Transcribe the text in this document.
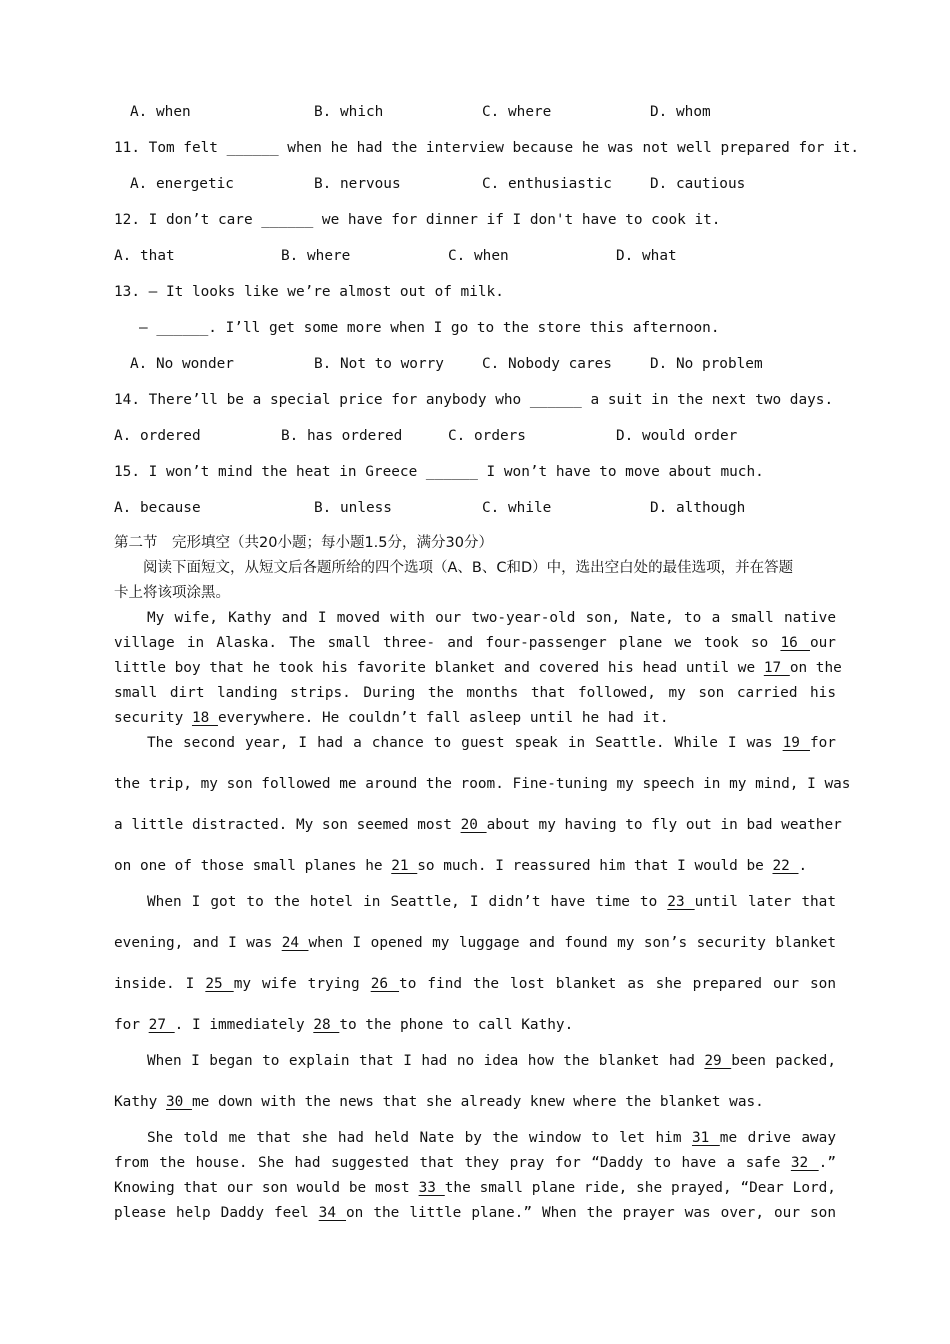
A. when	B. which	C. where	D. whom
11. Tom felt ______ when he had the interview because he was not well prepared for it.
A. energetic	B. nervous	C. enthusiastic	D. cautious
12. I don’t care ______ we have for dinner if I don't have to cook it.
A. that	B. where	C. when	D. what
13. — It looks like we’re almost out of milk.
— ______. I’ll get some more when I go to the store this afternoon.
A. No wonder	B. Not to worry	C. Nobody cares	D. No problem
14. There’ll be a special price for anybody who ______ a suit in the next two days.
A. ordered	B. has ordered	C. orders	D. would order
15. I won’t mind the heat in Greece ______ I won’t have to move about much.
A. because	B. unless	C. while	D. although
第二节　完形填空（共20小题；每小题1.5分，满分30分）
　　阅读下面短文，从短文后各题所给的四个选项（A、B、C和D）中，选出空白处的最佳选项，并在答题
卡上将该项涂黑。
My wife, Kathy and I moved with our two-year-old son, Nate, to a small native
village in Alaska. The small three- and four-passenger plane we took so 16 our
little boy that he took his favorite blanket and covered his head until we 17 on the
small dirt landing strips. During the months that followed, my son carried his
security 18 everywhere. He couldn’t fall asleep until he had it.
The second year, I had a chance to guest speak in Seattle. While I was 19 for
the trip, my son followed me around the room. Fine-tuning my speech in my mind, I was
a little distracted. My son seemed most 20 about my having to fly out in bad weather
on one of those small planes he 21 so much. I reassured him that I would be 22 .
When I got to the hotel in Seattle, I didn’t have time to 23 until later that
evening, and I was 24 when I opened my luggage and found my son’s security blanket
inside. I 25 my wife trying 26 to find the lost blanket as she prepared our son
for 27 . I immediately 28 to the phone to call Kathy.
When I began to explain that I had no idea how the blanket had 29 been packed,
Kathy 30 me down with the news that she already knew where the blanket was.
She told me that she had held Nate by the window to let him 31 me drive away
from the house. She had suggested that they pray for “Daddy to have a safe 32 .”
Knowing that our son would be most 33 the small plane ride, she prayed, “Dear Lord,
please help Daddy feel 34 on the little plane.” When the prayer was over, our son
